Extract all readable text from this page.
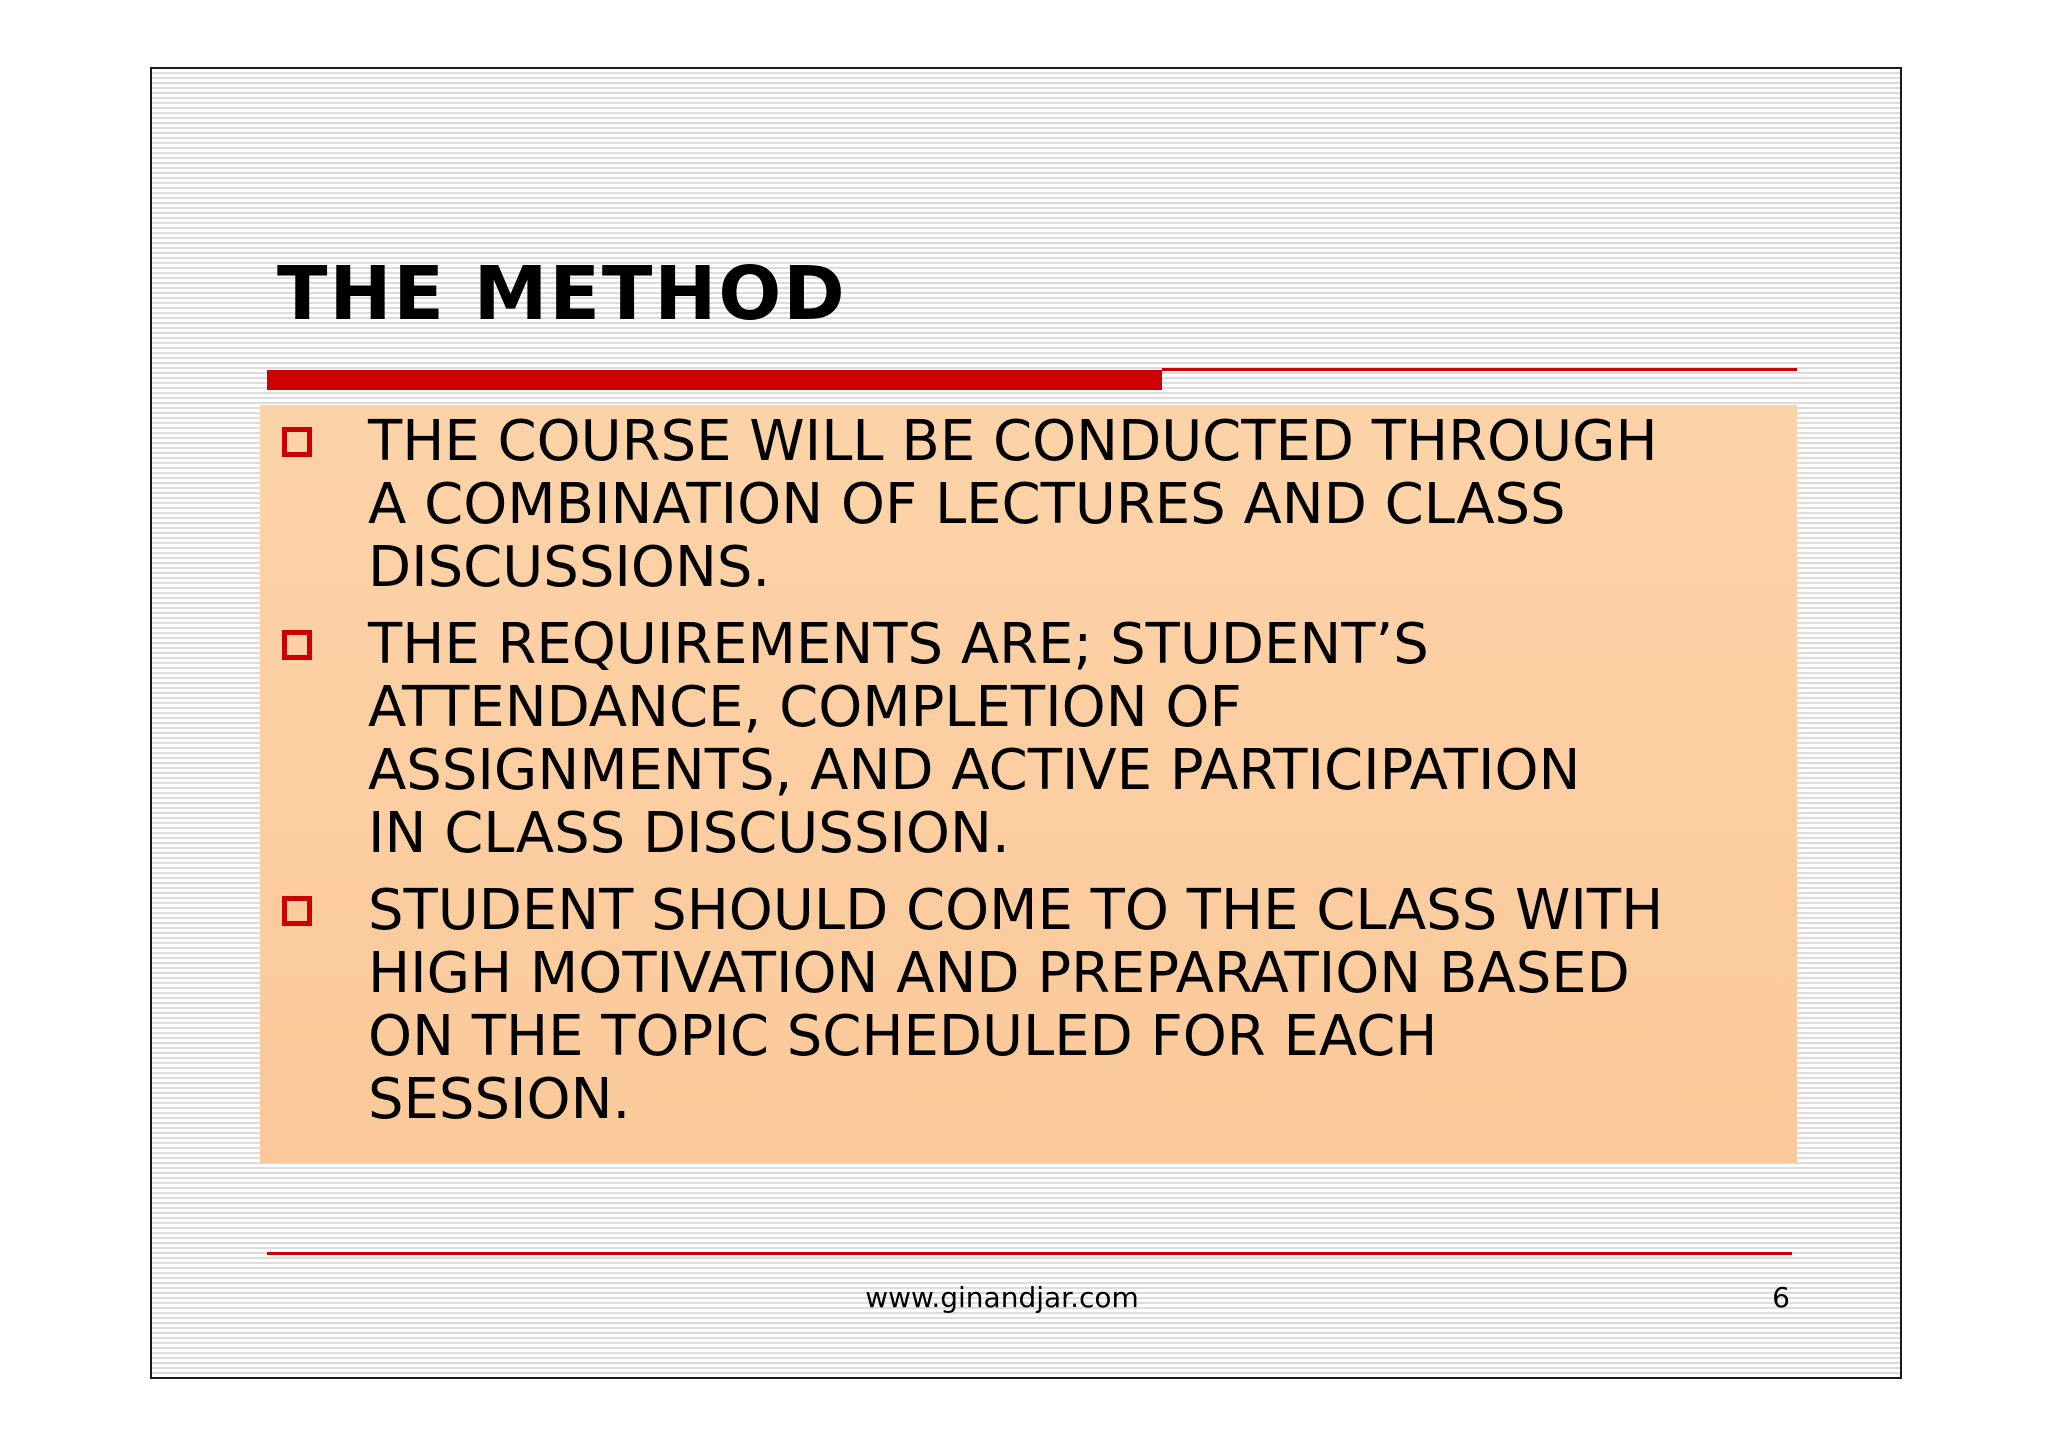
THE METHOD
THE COURSE WILL BE CONDUCTED THROUGH
A COMBINATION OF LECTURES AND CLASS
DISCUSSIONS.
THE REQUIREMENTS ARE; STUDENT’S
ATTENDANCE, COMPLETION OF
ASSIGNMENTS, AND ACTIVE PARTICIPATION
IN CLASS DISCUSSION.
STUDENT SHOULD COME TO THE CLASS WITH
HIGH MOTIVATION AND PREPARATION BASED
ON THE TOPIC SCHEDULED FOR EACH
SESSION.
www.ginandjar.com	6
